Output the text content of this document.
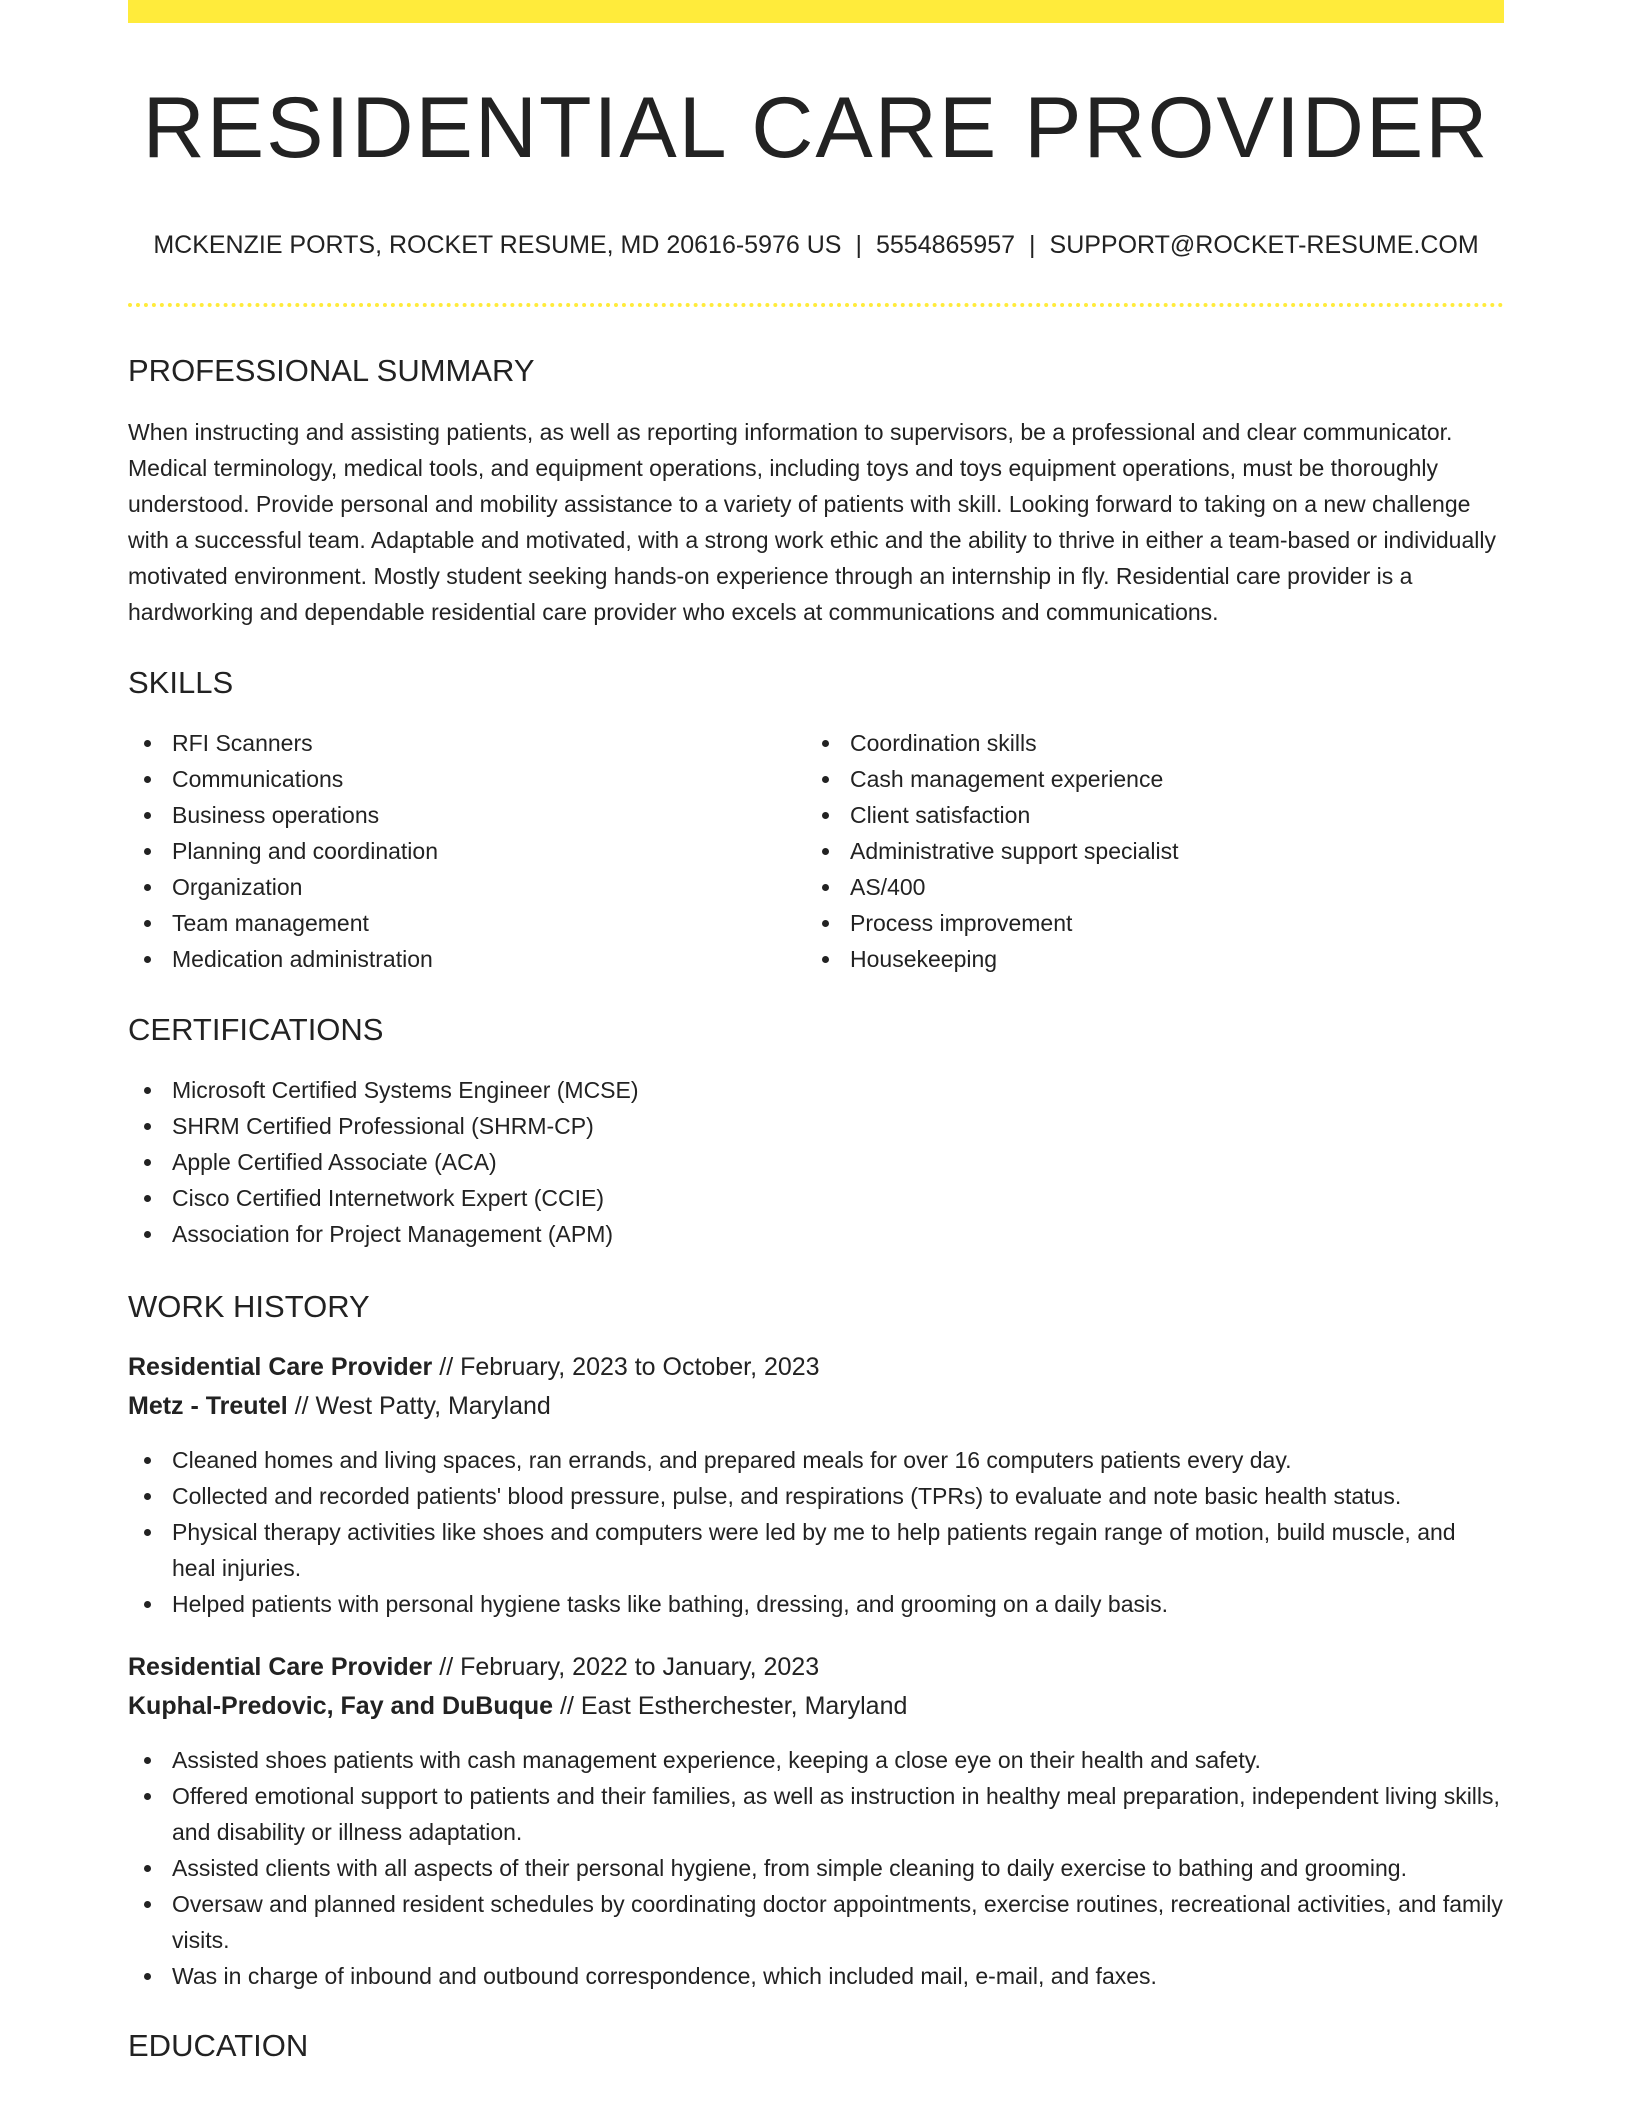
RESIDENTIAL CARE PROVIDER
MCKENZIE PORTS, ROCKET RESUME, MD 20616-5976 US | 5554865957 | SUPPORT@ROCKET-RESUME.COM
PROFESSIONAL SUMMARY

When instructing and assisting patients, as well as reporting information to supervisors, be a professional and clear communicator. Medical terminology, medical tools, and equipment operations, including toys and toys equipment operations, must be thoroughly understood. Provide personal and mobility assistance to a variety of patients with skill. Looking forward to taking on a new challenge with a successful team. Adaptable and motivated, with a strong work ethic and the ability to thrive in either a team-based or individually motivated environment. Mostly student seeking hands-on experience through an internship in fly. Residential care provider is a hardworking and dependable residential care provider who excels at communications and communications.

SKILLS
RFI Scanners
Communications
Business operations
Planning and coordination
Organization
Team management
Medication administration
Coordination skills
Cash management experience
Client satisfaction
Administrative support specialist
AS/400
Process improvement
Housekeeping
CERTIFICATIONS
Microsoft Certified Systems Engineer (MCSE)
SHRM Certified Professional (SHRM-CP)
Apple Certified Associate (ACA)
Cisco Certified Internetwork Expert (CCIE)
Association for Project Management (APM)
WORK HISTORY
Residential Care Provider // February, 2023 to October, 2023
Metz - Treutel // West Patty, Maryland
Cleaned homes and living spaces, ran errands, and prepared meals for over 16 computers patients every day.
Collected and recorded patients' blood pressure, pulse, and respirations (TPRs) to evaluate and note basic health status.
Physical therapy activities like shoes and computers were led by me to help patients regain range of motion, build muscle, and heal injuries.
Helped patients with personal hygiene tasks like bathing, dressing, and grooming on a daily basis.
Residential Care Provider // February, 2022 to January, 2023
Kuphal-Predovic, Fay and DuBuque // East Estherchester, Maryland
Assisted shoes patients with cash management experience, keeping a close eye on their health and safety.
Offered emotional support to patients and their families, as well as instruction in healthy meal preparation, independent living skills, and disability or illness adaptation.
Assisted clients with all aspects of their personal hygiene, from simple cleaning to daily exercise to bathing and grooming.
Oversaw and planned resident schedules by coordinating doctor appointments, exercise routines, recreational activities, and family visits.
Was in charge of inbound and outbound correspondence, which included mail, e-mail, and faxes.
EDUCATION
